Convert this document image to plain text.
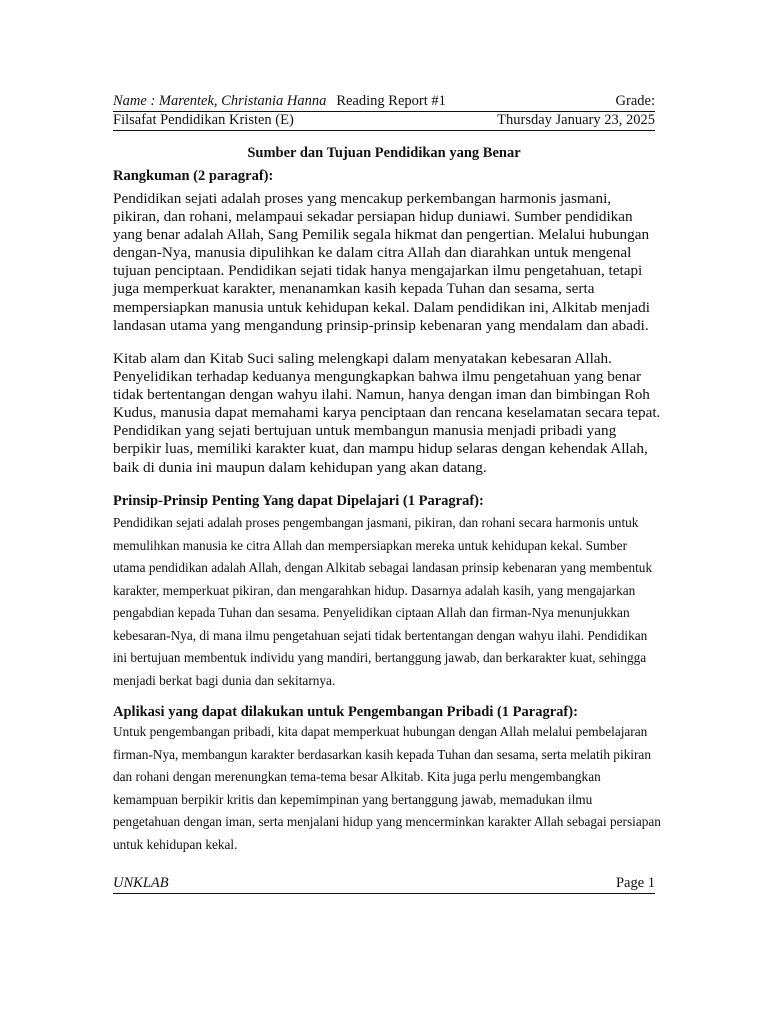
Name : Marentek, Christania Hanna Reading Report #1	Grade:
Filsafat Pendidikan Kristen (E)	Thursday January 23, 2025
Sumber dan Tujuan Pendidikan yang Benar
Rangkuman (2 paragraf):

Pendidikan sejati adalah proses yang mencakup perkembangan harmonis jasmani, pikiran, dan rohani, melampaui sekadar persiapan hidup duniawi. Sumber pendidikan yang benar adalah Allah, Sang Pemilik segala hikmat dan pengertian. Melalui hubungan dengan-Nya, manusia dipulihkan ke dalam citra Allah dan diarahkan untuk mengenal tujuan penciptaan. Pendidikan sejati tidak hanya mengajarkan ilmu pengetahuan, tetapi juga memperkuat karakter, menanamkan kasih kepada Tuhan dan sesama, serta mempersiapkan manusia untuk kehidupan kekal. Dalam pendidikan ini, Alkitab menjadi landasan utama yang mengandung prinsip-prinsip kebenaran yang mendalam dan abadi.

Kitab alam dan Kitab Suci saling melengkapi dalam menyatakan kebesaran Allah. Penyelidikan terhadap keduanya mengungkapkan bahwa ilmu pengetahuan yang benar tidak bertentangan dengan wahyu ilahi. Namun, hanya dengan iman dan bimbingan Roh Kudus, manusia dapat memahami karya penciptaan dan rencana keselamatan secara tepat. Pendidikan yang sejati bertujuan untuk membangun manusia menjadi pribadi yang berpikir luas, memiliki karakter kuat, dan mampu hidup selaras dengan kehendak Allah, baik di dunia ini maupun dalam kehidupan yang akan datang.

Prinsip-Prinsip Penting Yang dapat Dipelajari (1 Paragraf):

Pendidikan sejati adalah proses pengembangan jasmani, pikiran, dan rohani secara harmonis untuk memulihkan manusia ke citra Allah dan mempersiapkan mereka untuk kehidupan kekal. Sumber utama pendidikan adalah Allah, dengan Alkitab sebagai landasan prinsip kebenaran yang membentuk karakter, memperkuat pikiran, dan mengarahkan hidup. Dasarnya adalah kasih, yang mengajarkan pengabdian kepada Tuhan dan sesama. Penyelidikan ciptaan Allah dan firman-Nya menunjukkan kebesaran-Nya, di mana ilmu pengetahuan sejati tidak bertentangan dengan wahyu ilahi. Pendidikan ini bertujuan membentuk individu yang mandiri, bertanggung jawab, dan berkarakter kuat, sehingga menjadi berkat bagi dunia dan sekitarnya.

Aplikasi yang dapat dilakukan untuk Pengembangan Pribadi (1 Paragraf):

Untuk pengembangan pribadi, kita dapat memperkuat hubungan dengan Allah melalui pembelajaran firman-Nya, membangun karakter berdasarkan kasih kepada Tuhan dan sesama, serta melatih pikiran dan rohani dengan merenungkan tema-tema besar Alkitab. Kita juga perlu mengembangkan kemampuan berpikir kritis dan kepemimpinan yang bertanggung jawab, memadukan ilmu pengetahuan dengan iman, serta menjalani hidup yang mencerminkan karakter Allah sebagai persiapan untuk kehidupan kekal.

UNKLAB	Page 1
